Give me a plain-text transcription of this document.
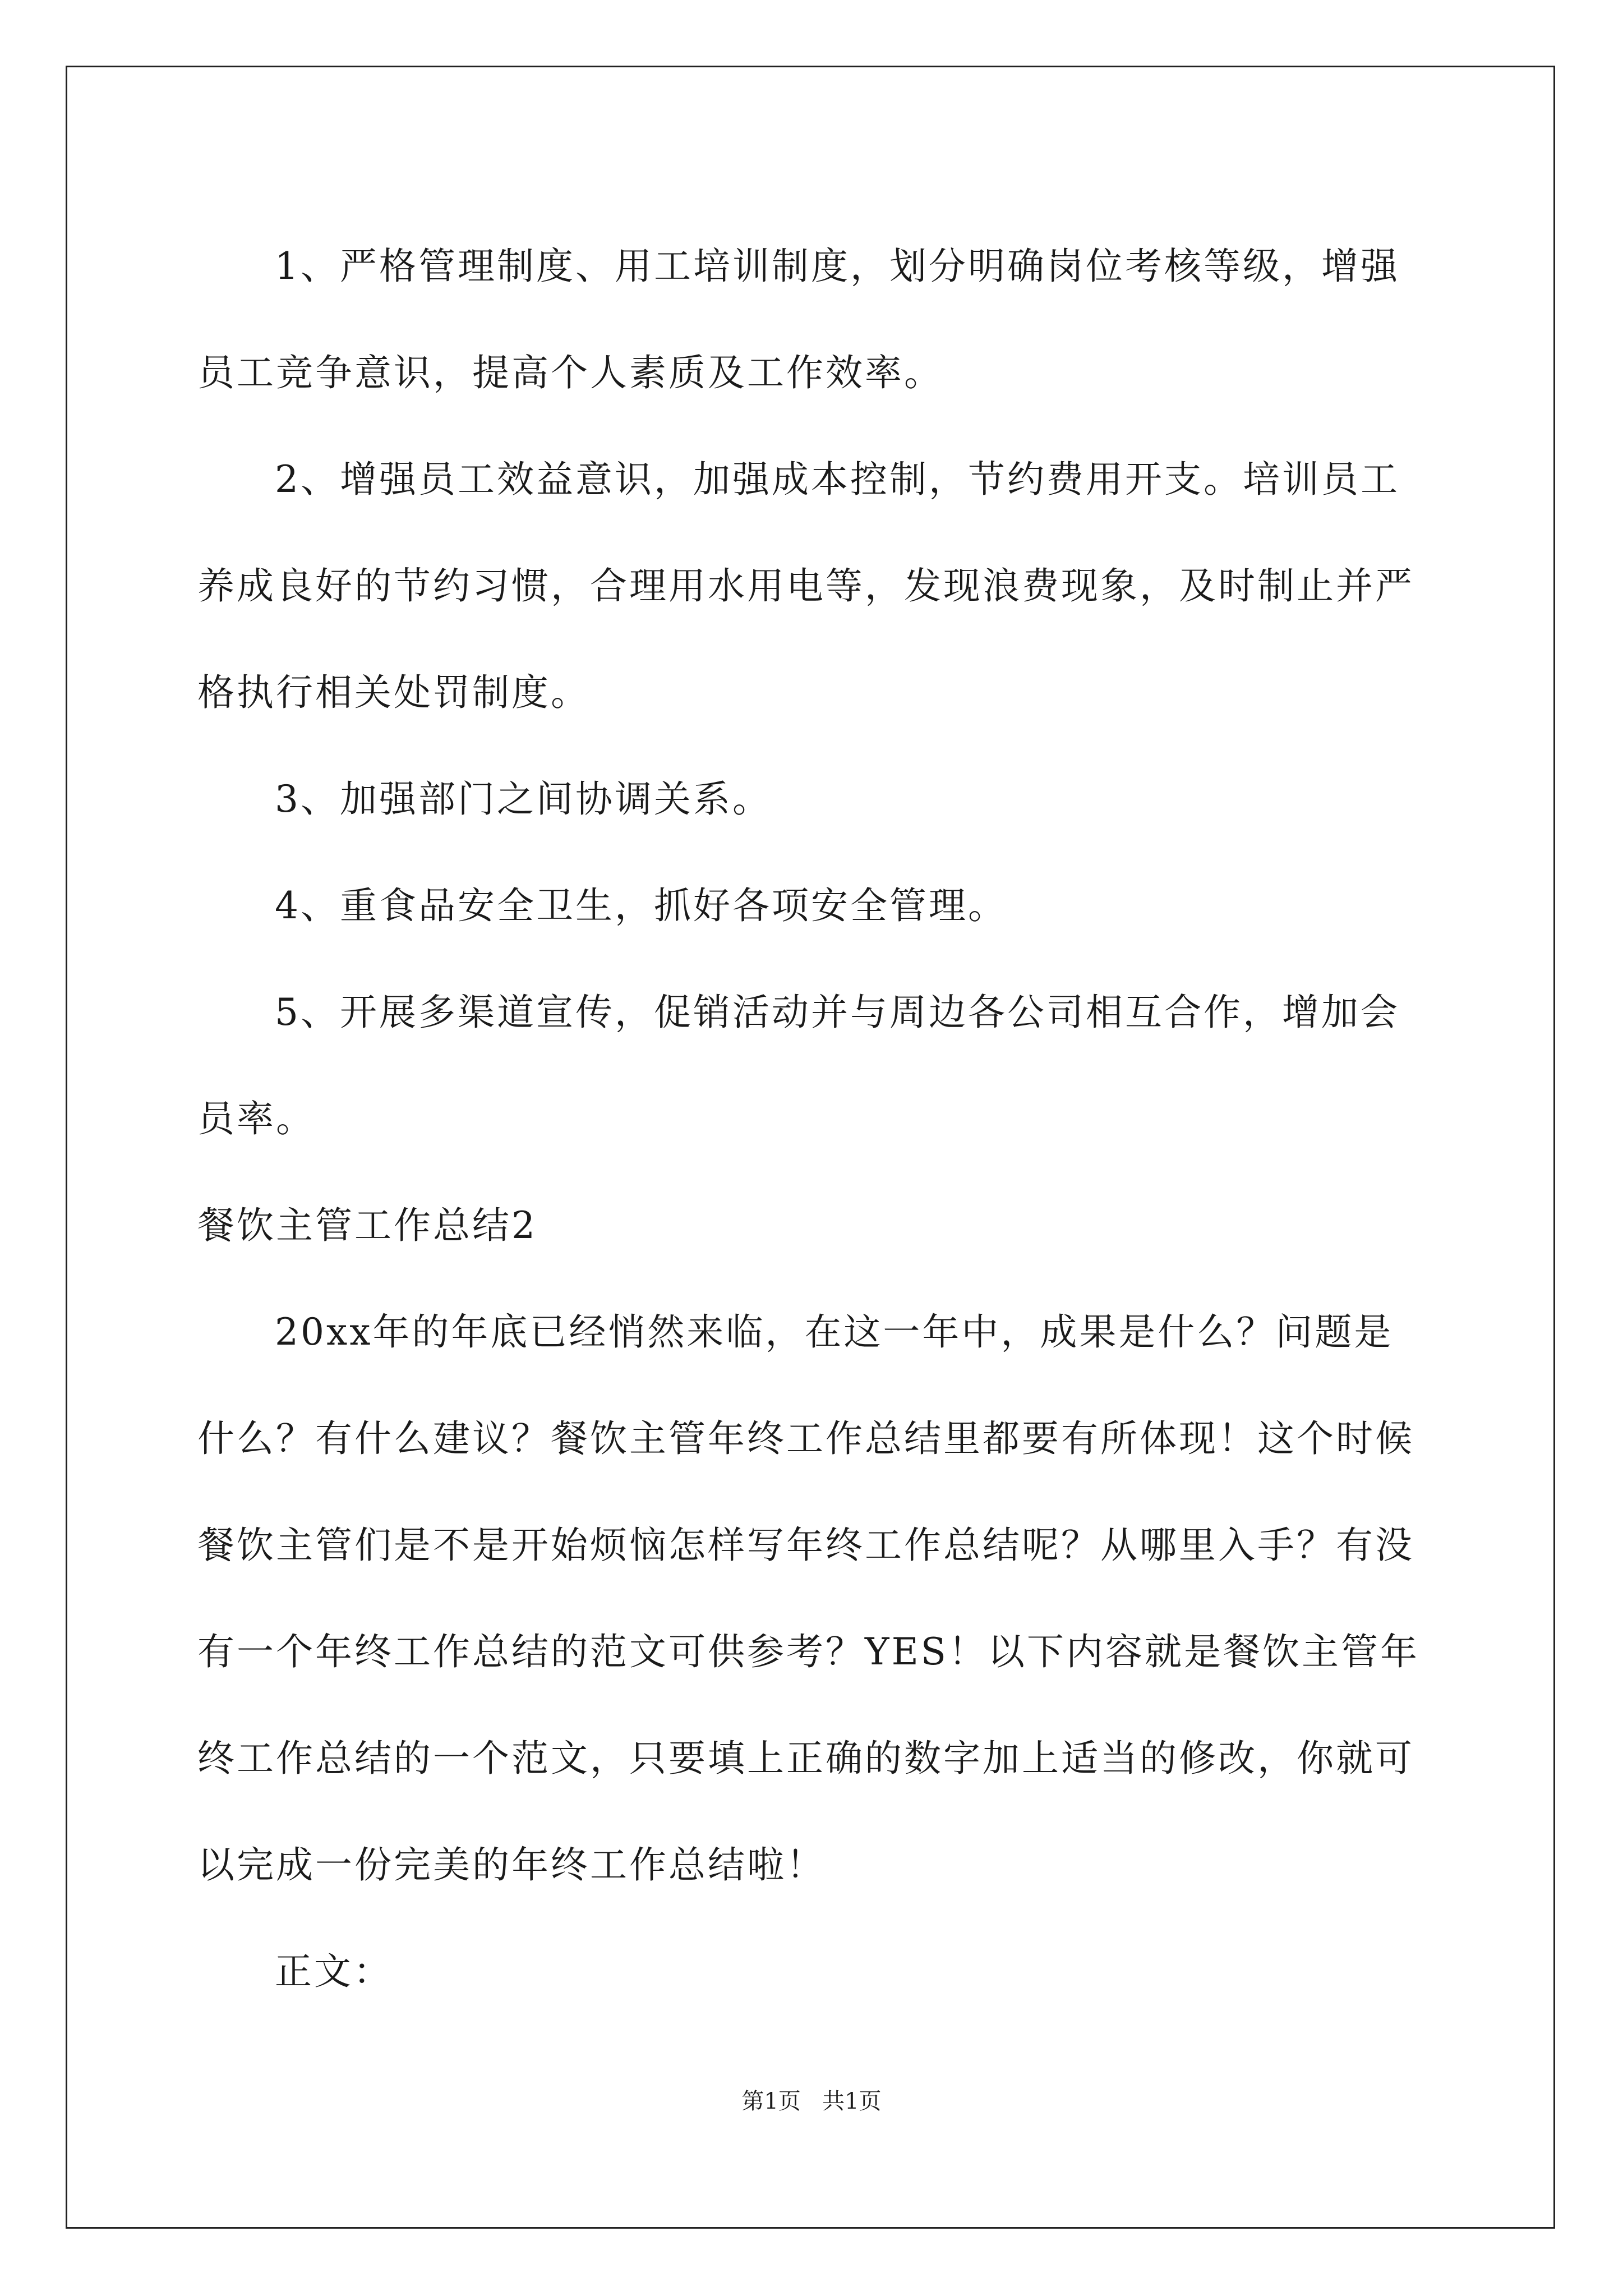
1、严格管理制度、用工培训制度，划分明确岗位考核等级，增强员工竞争意识，提高个人素质及工作效率。

2、增强员工效益意识，加强成本控制，节约费用开支。培训员工养成良好的节约习惯，合理用水用电等，发现浪费现象，及时制止并严格执行相关处罚制度。

3、加强部门之间协调关系。

4、重食品安全卫生，抓好各项安全管理。

5、开展多渠道宣传，促销活动并与周边各公司相互合作，增加会员率。

餐饮主管工作总结2

20xx年的年底已经悄然来临，在这一年中，成果是什么？问题是什么？有什么建议？餐饮主管年终工作总结里都要有所体现！这个时候餐饮主管们是不是开始烦恼怎样写年终工作总结呢？从哪里入手？有没有一个年终工作总结的范文可供参考？YES！以下内容就是餐饮主管年终工作总结的一个范文，只要填上正确的数字加上适当的修改，你就可以完成一份完美的年终工作总结啦！

正文：

第1页 共1页
